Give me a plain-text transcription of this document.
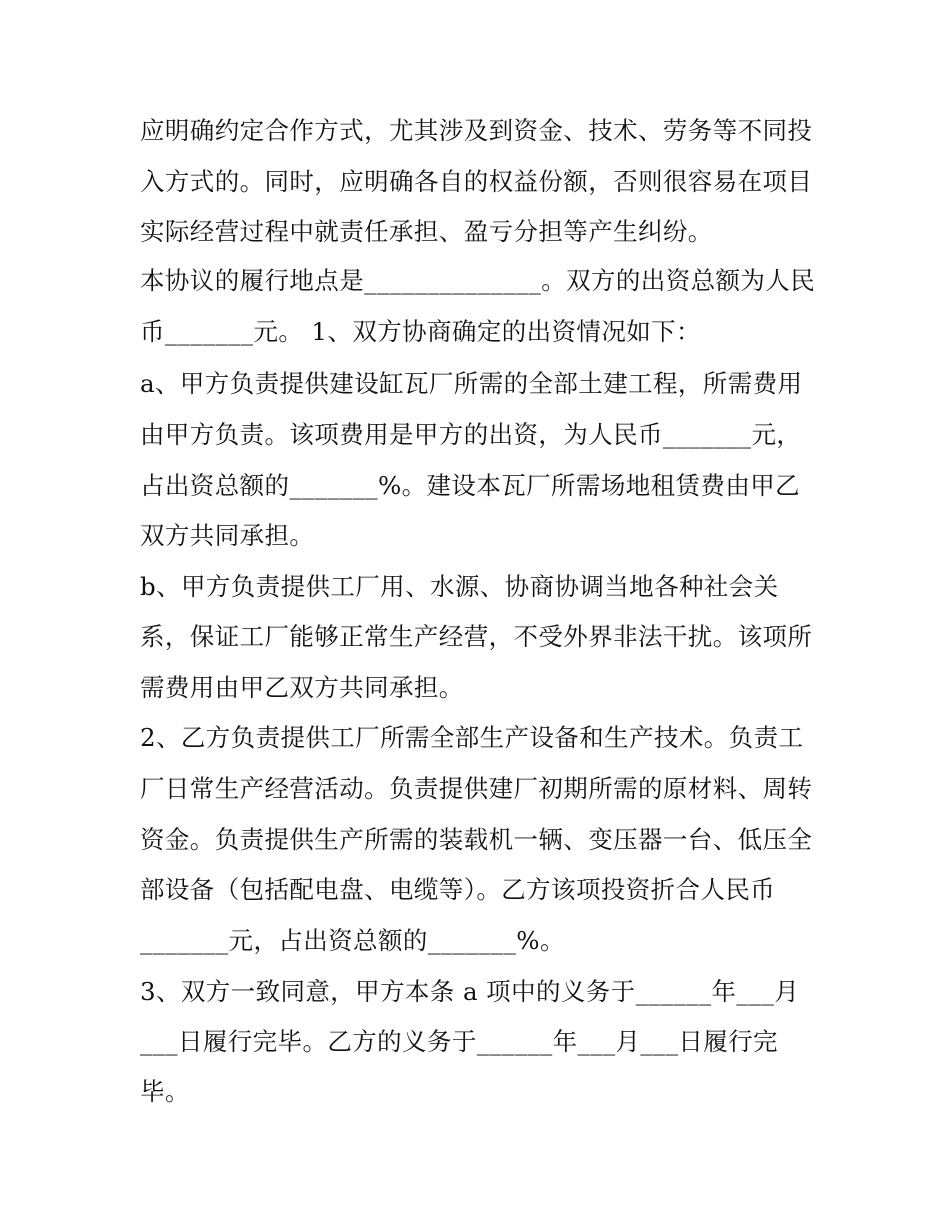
应明确约定合作方式，尤其涉及到资金、技术、劳务等不同投
入方式的。同时，应明确各自的权益份额，否则很容易在项目
实际经营过程中就责任承担、盈亏分担等产生纠纷。
本协议的履行地点是______________。双方的出资总额为人民
币_______元。 1、双方协商确定的出资情况如下：
a、甲方负责提供建设缸瓦厂所需的全部土建工程，所需费用
由甲方负责。该项费用是甲方的出资，为人民币_______元，
占出资总额的_______%。建设本瓦厂所需场地租赁费由甲乙
双方共同承担。
b、甲方负责提供工厂用、水源、协商协调当地各种社会关
系，保证工厂能够正常生产经营，不受外界非法干扰。该项所
需费用由甲乙双方共同承担。
2、乙方负责提供工厂所需全部生产设备和生产技术。负责工
厂日常生产经营活动。负责提供建厂初期所需的原材料、周转
资金。负责提供生产所需的装载机一辆、变压器一台、低压全
部设备（包括配电盘、电缆等）。乙方该项投资折合人民币
_______元，占出资总额的_______%。
3、双方一致同意，甲方本条 a 项中的义务于______年___月
___日履行完毕。乙方的义务于______年___月___日履行完
毕。
